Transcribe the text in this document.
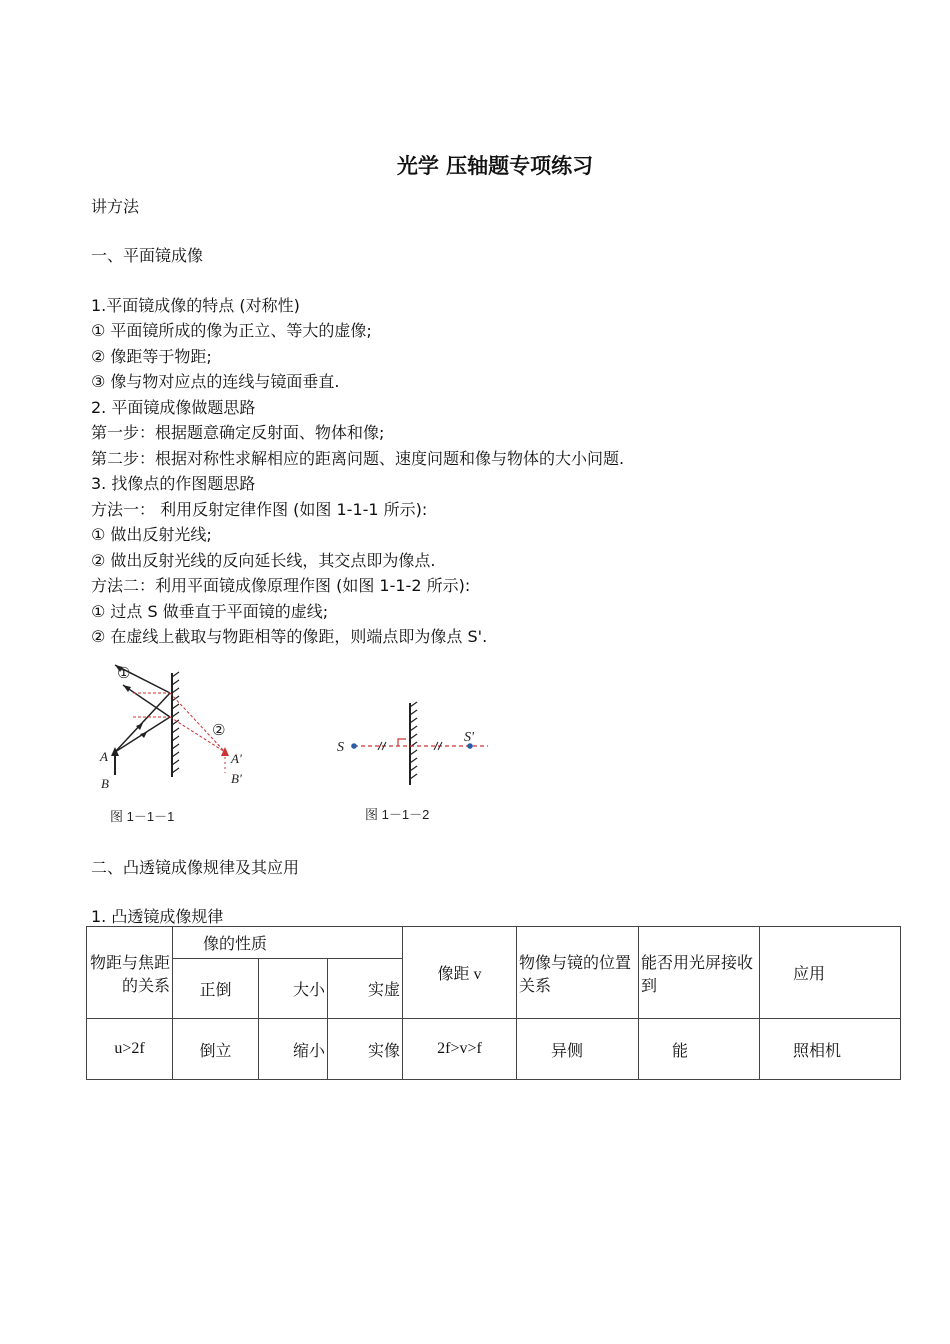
光学 压轴题专项练习
讲方法
一、平面镜成像
1.平面镜成像的特点 (对称性)
① 平面镜所成的像为正立、等大的虚像;
② 像距等于物距;
③ 像与物对应点的连线与镜面垂直.
2. 平面镜成像做题思路
第一步：根据题意确定反射面、物体和像;
第二步：根据对称性求解相应的距离问题、速度问题和像与物体的大小问题.
3. 找像点的作图题思路
方法一： 利用反射定律作图 (如图 1-1-1 所示):
① 做出反射光线;
② 做出反射光线的反向延长线，其交点即为像点.
方法二：利用平面镜成像原理作图 (如图 1-1-2 所示):
① 过点 S 做垂直于平面镜的虚线;
② 在虚线上截取与物距相等的像距，则端点即为像点 S'.
①
②
A
B
A'
B'
图 1－1－1
S
S'
图 1－1－2
二、凸透镜成像规律及其应用
1. 凸透镜成像规律
物距与焦距的关系	像的性质			像距 v	物像与镜的位置关系	能否用光屏接收到	应用
	正倒	大小	实虚				
u>2f	倒立	缩小	实像	2f>v>f	异侧	能	照相机
